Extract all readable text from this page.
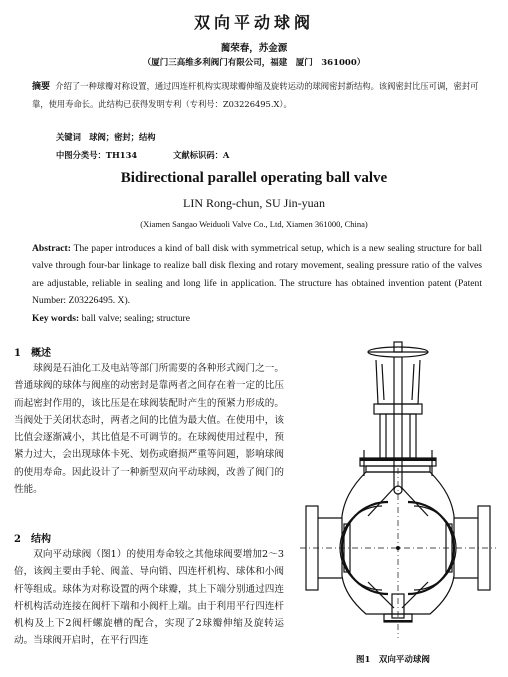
双向平动球阀
蔺荣春，苏金源
（厦门三高维多利阀门有限公司，福建　厦门　361000）
摘要 介绍了一种球瓣对称设置，通过四连杆机构实现球瓣伸缩及旋转运动的球阀密封新结构。该阀密封比压可调，密封可靠，使用寿命长。此结构已获得发明专利（专利号：Z03226495.X）。
关键词　球阀；密封；结构
中图分类号：TH134	文献标识码：A
Bidirectional parallel operating ball valve
LIN Rong-chun, SU Jin-yuan
(Xiamen Sangao Weiduoli Valve Co., Ltd, Xiamen 361000, China)
Abstract: The paper introduces a kind of ball disk with symmetrical setup, which is a new sealing structure for ball valve through four-bar linkage to realize ball disk flexing and rotary movement, sealing pressure ratio of the valves are adjustable, reliable in sealing and long life in application. The structure has obtained invention patent (Patent Number: Z03226495. X).
Key words: ball valve; sealing; structure
1　概述
球阀是石油化工及电站等部门所需要的各种形式阀门之一。普通球阀的球体与阀座的动密封是靠两者之间存在着一定的比压而起密封作用的，该比压是在球阀装配时产生的预紧力形成的。当阀处于关闭状态时，两者之间的比值为最大值。在使用中，该比值会逐渐减小，其比值是不可调节的。在球阀使用过程中，预紧力过大，会出现球体卡死、划伤或磨损严重等问题，影响球阀的使用寿命。因此设计了一种新型双向平动球阀，改善了阀门的性能。
2　结构
双向平动球阀（图1）的使用寿命较之其他球阀要增加2～3倍，该阀主要由手轮、阀盖、导向销、四连杆机构、球体和小阀杆等组成。球体为对称设置的两个球瓣，其上下端分别通过四连杆机构活动连接在阀杆下端和小阀杆上端。由于利用平行四连杆机构及上下2阀杆螺旋槽的配合，实现了2球瓣伸缩及旋转运动。当球阀开启时，在平行四连
图1　双向平动球阀
